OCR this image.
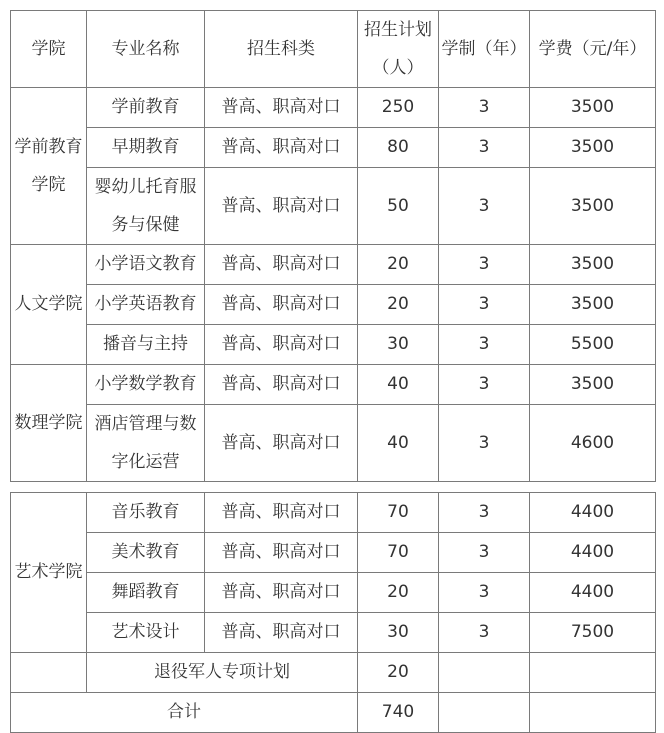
学院	专业名称	招生科类	招生计划（人）	学制（年）	学费（元/年）
学前教育学院	学前教育	普高、职高对口	250	3	3500
	早期教育	普高、职高对口	80	3	3500
	婴幼儿托育服务与保健	普高、职高对口	50	3	3500
人文学院	小学语文教育	普高、职高对口	20	3	3500
	小学英语教育	普高、职高对口	20	3	3500
	播音与主持	普高、职高对口	30	3	5500
数理学院	小学数学教育	普高、职高对口	40	3	3500
	酒店管理与数字化运营	普高、职高对口	40	3	4600
艺术学院	音乐教育	普高、职高对口	70	3	4400
	美术教育	普高、职高对口	70	3	4400
	舞蹈教育	普高、职高对口	20	3	4400
	艺术设计	普高、职高对口	30	3	7500
	退役军人专项计划		20		
合计			740		
